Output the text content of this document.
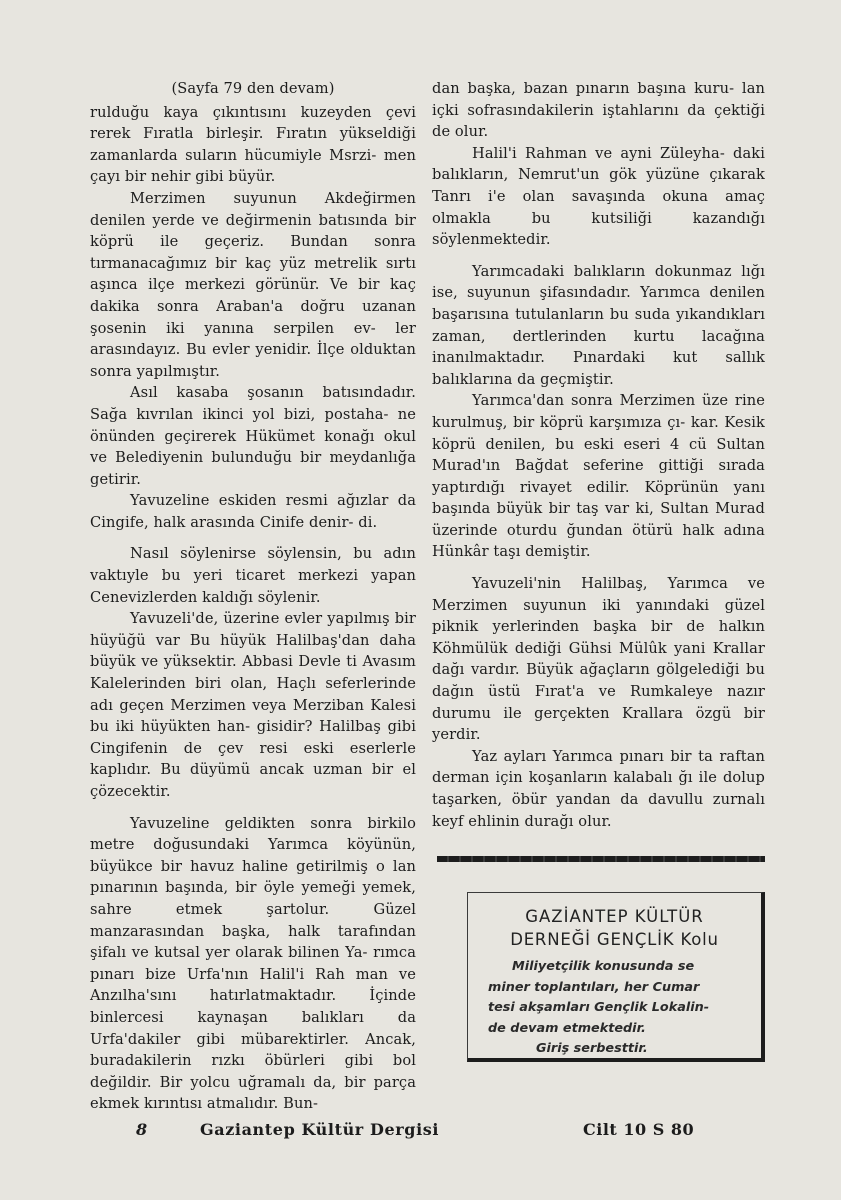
(Sayfa 79 den devam)

rulduğu kaya çıkıntısını kuzeyden çevi rerek Fıratla birleşir. Fıratın yükseldiği zamanlarda suların hücumiyle Msrzi- men çayı bir nehir gibi büyür.

Merzimen suyunun Akdeğirmen denilen yerde ve değirmenin batısında bir köprü ile geçeriz. Bundan sonra tırmanacağımız bir kaç yüz metrelik sırtı aşınca ilçe merkezi görünür. Ve bir kaç dakika sonra Araban'a doğru uzanan şosenin iki yanına serpilen ev- ler arasındayız. Bu evler yenidir. İlçe olduktan sonra yapılmıştır.

Asıl kasaba şosanın batısındadır. Sağa kıvrılan ikinci yol bizi, postaha- ne önünden geçirerek Hükümet konağı okul ve Belediyenin bulunduğu bir meydanlığa getirir.

Yavuzeline eskiden resmi ağızlar da Cingife, halk arasında Cinife denir- di.

Nasıl söylenirse söylensin, bu adın vaktıyle bu yeri ticaret merkezi yapan Cenevizlerden kaldığı söylenir.

Yavuzeli'de, üzerine evler yapılmış bir hüyüğü var Bu hüyük Halilbaş'dan daha büyük ve yüksektir. Abbasi Devle ti Avasım Kalelerinden biri olan, Haçlı seferlerinde adı geçen Merzimen veya Merziban Kalesi bu iki hüyükten han- gisidir? Halilbaş gibi Cingifenin de çev resi eski eserlerle kaplıdır. Bu düyümü ancak uzman bir el çözecektir.

Yavuzeline geldikten sonra birkilo metre doğusundaki Yarımca köyünün, büyükce bir havuz haline getirilmiş o lan pınarının başında, bir öyle yemeği yemek, sahre etmek şartolur. Güzel manzarasından başka, halk tarafından şifalı ve kutsal yer olarak bilinen Ya- rımca pınarı bize Urfa'nın Halil'i Rah man ve Anzılha'sını hatırlatmaktadır. İçinde binlercesi kaynaşan balıkları da Urfa'dakiler gibi mübarektirler. Ancak, buradakilerin rızkı öbürleri gibi bol değildir. Bir yolcu uğramalı da, bir parça ekmek kırıntısı atmalıdır. Bun-

dan başka, bazan pınarın başına kuru- lan içki sofrasındakilerin iştahlarını da çektiği de olur.

Halil'i Rahman ve ayni Züleyha- daki balıkların, Nemrut'un gök yüzüne çıkarak Tanrı i'e olan savaşında okuna amaç olmakla bu kutsiliği kazandığı söylenmektedir.

Yarımcadaki balıkların dokunmaz lığı ise, suyunun şifasındadır. Yarımca denilen başarısına tutulanların bu suda yıkandıkları zaman, dertlerinden kurtu lacağına inanılmaktadır. Pınardaki kut sallık balıklarına da geçmiştir.

Yarımca'dan sonra Merzimen üze rine kurulmuş, bir köprü karşımıza çı- kar. Kesik köprü denilen, bu eski eseri 4 cü Sultan Murad'ın Bağdat seferine gittiği sırada yaptırdığı rivayet edilir. Köprünün yanı başında büyük bir taş var ki, Sultan Murad üzerinde oturdu ğundan ötürü halk adına Hünkâr taşı demiştir.

Yavuzeli'nin Halilbaş, Yarımca ve Merzimen suyunun iki yanındaki güzel piknik yerlerinden başka bir de halkın Köhmülük dediği Gühsi Mülûk yani Krallar dağı vardır. Büyük ağaçların gölgelediği bu dağın üstü Fırat'a ve Rumkaleye nazır durumu ile gerçekten Krallara özgü bir yerdir.

Yaz ayları Yarımca pınarı bir ta raftan derman için koşanların kalabalı ğı ile dolup taşarken, öbür yandan da davullu zurnalı keyf ehlinin durağı olur.

GAZİANTEP KÜLTÜR
DERNEĞİ GENÇLİK Kolu
Miliyetçilik konusunda se
miner toplantıları, her Cumar
tesi akşamları Gençlik Lokalin-
de devam etmektedir.
Giriş serbesttir.
8	Gaziantep Kültür Dergisi	Cilt 10 S 80
